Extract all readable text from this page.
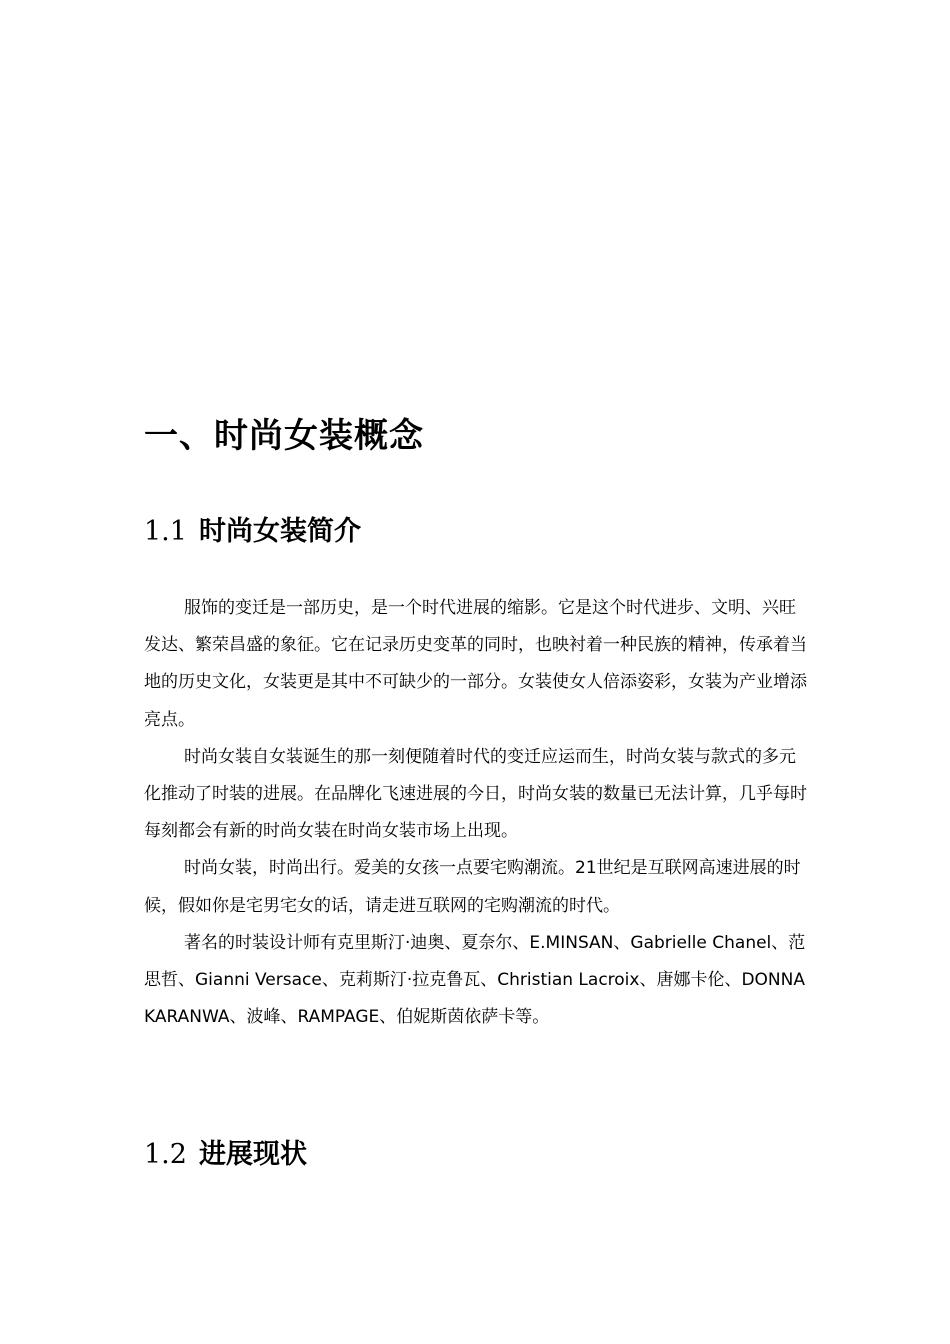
一、时尚女装概念
1.1 时尚女装简介

服饰的变迁是一部历史，是一个时代进展的缩影。它是这个时代进步、文明、兴旺发达、繁荣昌盛的象征。它在记录历史变革的同时，也映衬着一种民族的精神，传承着当地的历史文化，女装更是其中不可缺少的一部分。女装使女人倍添姿彩，女装为产业增添亮点。

时尚女装自女装诞生的那一刻便随着时代的变迁应运而生，时尚女装与款式的多元化推动了时装的进展。在品牌化飞速进展的今日，时尚女装的数量已无法计算，几乎每时每刻都会有新的时尚女装在时尚女装市场上出现。

时尚女装，时尚出行。爱美的女孩一点要宅购潮流。21世纪是互联网高速进展的时候，假如你是宅男宅女的话，请走进互联网的宅购潮流的时代。

著名的时装设计师有克里斯汀·迪奥、夏奈尔、E.MINSAN、Gabrielle Chanel、范思哲、Gianni Versace、克莉斯汀·拉克鲁瓦、Christian Lacroix、唐娜卡伦、DONNA KARANWA、波峰、RAMPAGE、伯妮斯茵依萨卡等。

1.2 进展现状
